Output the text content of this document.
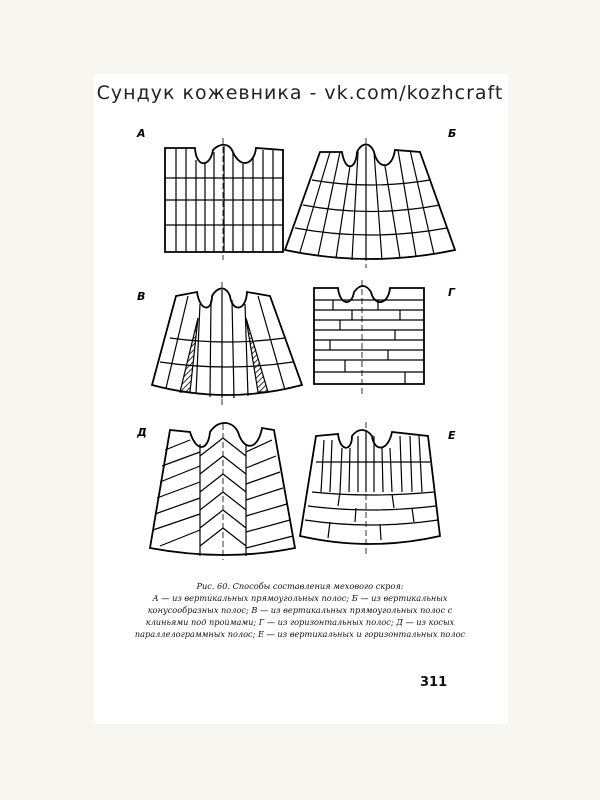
Сундук кожевника - vk.com/kozhcraft
А	Б
В	Г
Д	Е
Рис. 60. Способы составления мехового скроя:
А — из вертикальных прямоугольных полос; Б — из вертикальных
конусообразных полос; В — из вертикальных прямоугольных полос с
клиньями под проймами; Г — из горизонтальных полос; Д — из косых
параллелограммных полос; Е — из вертикальных и горизонтальных полос
311
